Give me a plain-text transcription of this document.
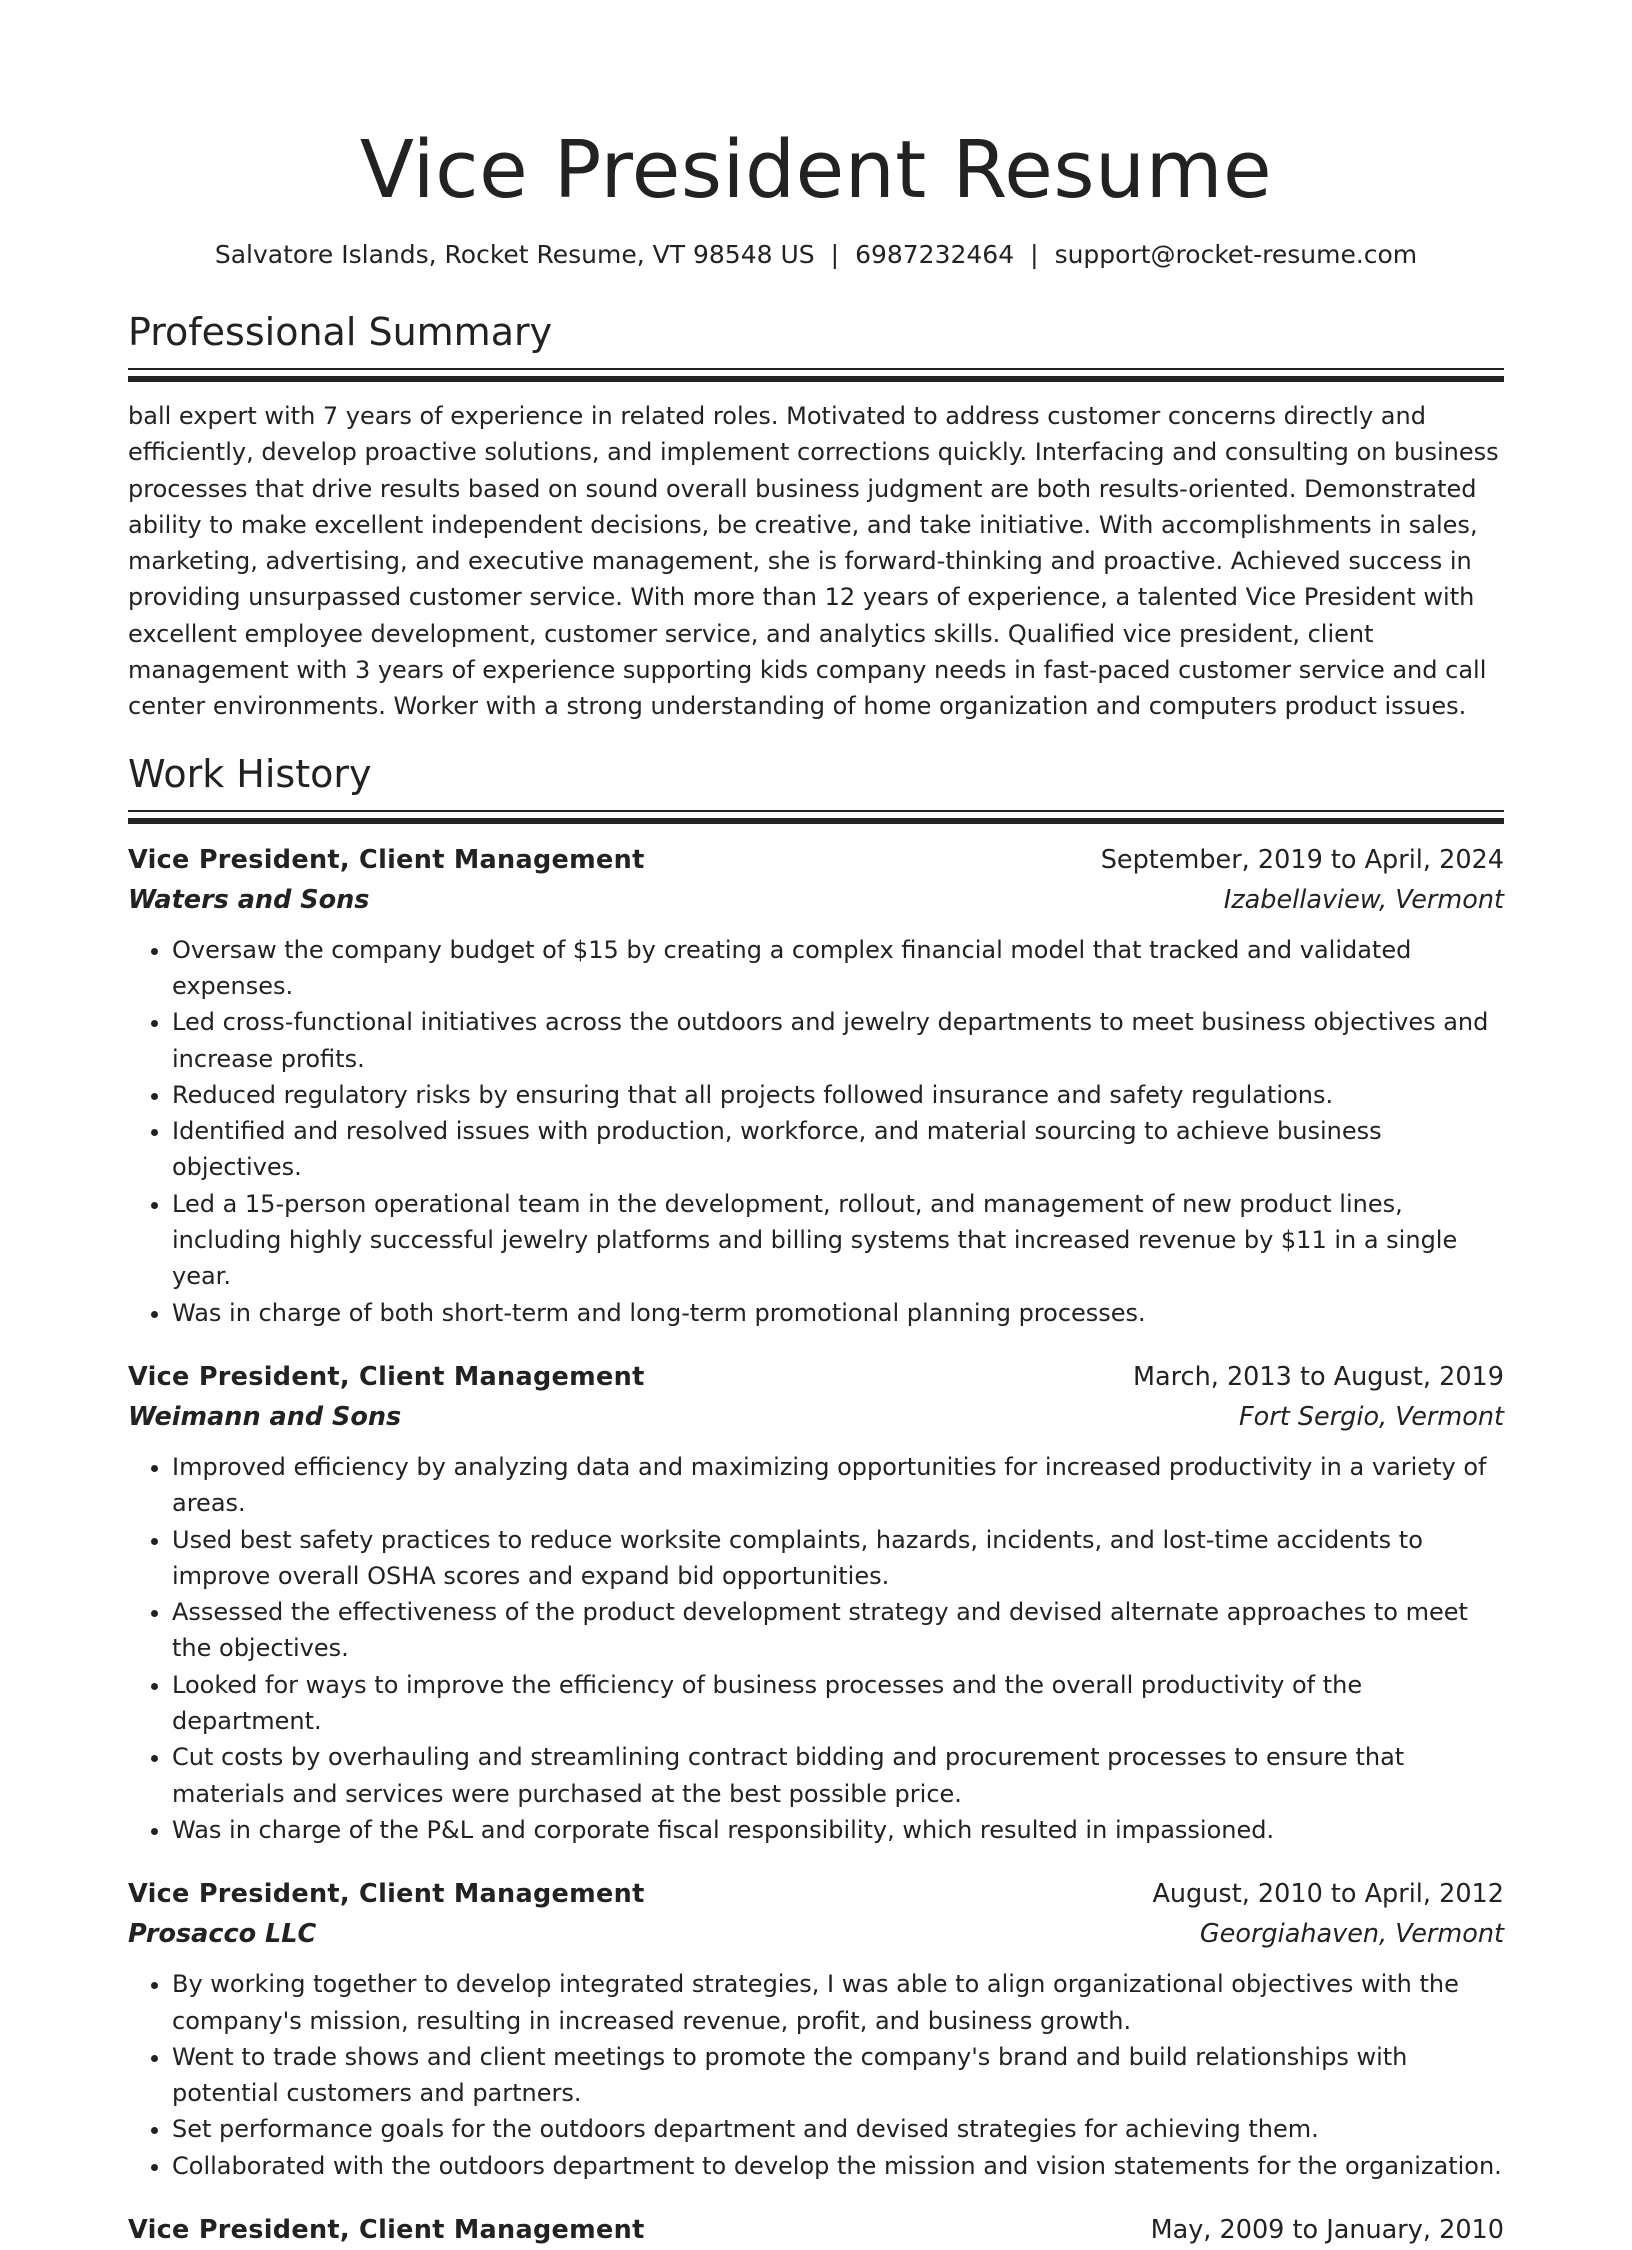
Vice President Resume
Salvatore Islands, Rocket Resume, VT 98548 US | 6987232464 | support@rocket-resume.com
Professional Summary

ball expert with 7 years of experience in related roles. Motivated to address customer concerns directly and efficiently, develop proactive solutions, and implement corrections quickly. Interfacing and consulting on business processes that drive results based on sound overall business judgment are both results-oriented. Demonstrated ability to make excellent independent decisions, be creative, and take initiative. With accomplishments in sales, marketing, advertising, and executive management, she is forward-thinking and proactive. Achieved success in providing unsurpassed customer service. With more than 12 years of experience, a talented Vice President with excellent employee development, customer service, and analytics skills. Qualified vice president, client management with 3 years of experience supporting kids company needs in fast-paced customer service and call center environments. Worker with a strong understanding of home organization and computers product issues.

Work History
Vice President, Client Management	September, 2019 to April, 2024
Waters and Sons	Izabellaview, Vermont
• Oversaw the company budget of $15 by creating a complex financial model that tracked and validated expenses.
• Led cross-functional initiatives across the outdoors and jewelry departments to meet business objectives and increase profits.
• Reduced regulatory risks by ensuring that all projects followed insurance and safety regulations.
• Identified and resolved issues with production, workforce, and material sourcing to achieve business objectives.
• Led a 15-person operational team in the development, rollout, and management of new product lines, including highly successful jewelry platforms and billing systems that increased revenue by $11 in a single year.
• Was in charge of both short-term and long-term promotional planning processes.
Vice President, Client Management	March, 2013 to August, 2019
Weimann and Sons	Fort Sergio, Vermont
• Improved efficiency by analyzing data and maximizing opportunities for increased productivity in a variety of areas.
• Used best safety practices to reduce worksite complaints, hazards, incidents, and lost-time accidents to improve overall OSHA scores and expand bid opportunities.
• Assessed the effectiveness of the product development strategy and devised alternate approaches to meet the objectives.
• Looked for ways to improve the efficiency of business processes and the overall productivity of the department.
• Cut costs by overhauling and streamlining contract bidding and procurement processes to ensure that materials and services were purchased at the best possible price.
• Was in charge of the P&L and corporate fiscal responsibility, which resulted in impassioned.
Vice President, Client Management	August, 2010 to April, 2012
Prosacco LLC	Georgiahaven, Vermont
• By working together to develop integrated strategies, I was able to align organizational objectives with the company's mission, resulting in increased revenue, profit, and business growth.
• Went to trade shows and client meetings to promote the company's brand and build relationships with potential customers and partners.
• Set performance goals for the outdoors department and devised strategies for achieving them.
• Collaborated with the outdoors department to develop the mission and vision statements for the organization.
Vice President, Client Management	May, 2009 to January, 2010
